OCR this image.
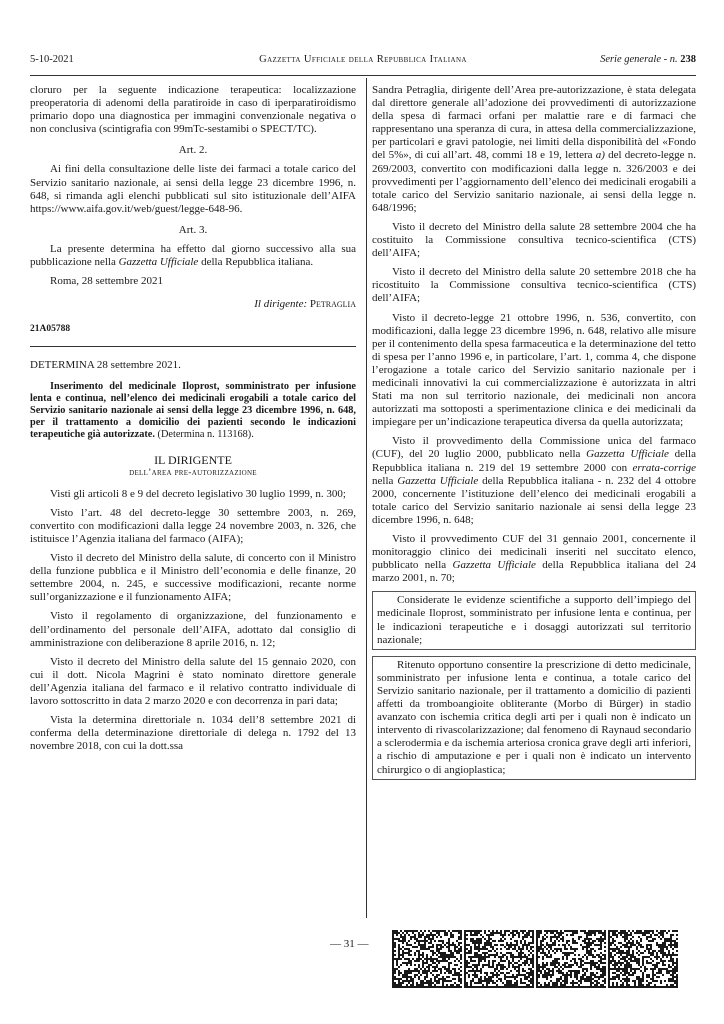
5-10-2021	Gazzetta Ufficiale della Repubblica Italiana	Serie generale - n. 238

cloruro per la seguente indicazione terapeutica: localizzazione preoperatoria di adenomi della paratiroide in caso di iperparatiroidismo primario dopo una diagnostica per immagini convenzionale negativa o non conclusiva (scintigrafia con 99mTc-sestamibi o SPECT/TC).

Art. 2.

Ai fini della consultazione delle liste dei farmaci a totale carico del Servizio sanitario nazionale, ai sensi della legge 23 dicembre 1996, n. 648, si rimanda agli elenchi pubblicati sul sito istituzionale dell’AIFA https://www.aifa.gov.it/web/guest/legge-648-96.

Art. 3.

La presente determina ha effetto dal giorno successivo alla sua pubblicazione nella Gazzetta Ufficiale della Repubblica italiana.

Roma, 28 settembre 2021

Il dirigente: Petraglia

21A05788

DETERMINA 28 settembre 2021.

Inserimento del medicinale Iloprost, somministrato per infusione lenta e continua, nell’elenco dei medicinali erogabili a totale carico del Servizio sanitario nazionale ai sensi della legge 23 dicembre 1996, n. 648, per il trattamento a domicilio dei pazienti secondo le indicazioni terapeutiche già autorizzate. (Determina n. 113168).

IL DIRIGENTE

dell’area pre-autorizzazione

Visti gli articoli 8 e 9 del decreto legislativo 30 luglio 1999, n. 300;

Visto l’art. 48 del decreto-legge 30 settembre 2003, n. 269, convertito con modificazioni dalla legge 24 novembre 2003, n. 326, che istituisce l’Agenzia italiana del farmaco (AIFA);

Visto il decreto del Ministro della salute, di concerto con il Ministro della funzione pubblica e il Ministro dell’economia e delle finanze, 20 settembre 2004, n. 245, e successive modificazioni, recante norme sull’organizzazione e il funzionamento AIFA;

Visto il regolamento di organizzazione, del funzionamento e dell’ordinamento del personale dell’AIFA, adottato dal consiglio di amministrazione con deliberazione 8 aprile 2016, n. 12;

Visto il decreto del Ministro della salute del 15 gennaio 2020, con cui il dott. Nicola Magrini è stato nominato direttore generale dell’Agenzia italiana del farmaco e il relativo contratto individuale di lavoro sottoscritto in data 2 marzo 2020 e con decorrenza in pari data;

Vista la determina direttoriale n. 1034 dell’8 settembre 2021 di conferma della determinazione direttoriale di delega n. 1792 del 13 novembre 2018, con cui la dott.ssa

Sandra Petraglia, dirigente dell’Area pre-autorizzazione, è stata delegata dal direttore generale all’adozione dei provvedimenti di autorizzazione della spesa di farmaci orfani per malattie rare e di farmaci che rappresentano una speranza di cura, in attesa della commercializzazione, per particolari e gravi patologie, nei limiti della disponibilità del «Fondo del 5%», di cui all’art. 48, commi 18 e 19, lettera a) del decreto-legge n. 269/2003, convertito con modificazioni dalla legge n. 326/2003 e dei provvedimenti per l’aggiornamento dell’elenco dei medicinali erogabili a totale carico del Servizio sanitario nazionale, ai sensi della legge n. 648/1996;

Visto il decreto del Ministro della salute 28 settembre 2004 che ha costituito la Commissione consultiva tecnico-scientifica (CTS) dell’AIFA;

Visto il decreto del Ministro della salute 20 settembre 2018 che ha ricostituito la Commissione consultiva tecnico-scientifica (CTS) dell’AIFA;

Visto il decreto-legge 21 ottobre 1996, n. 536, convertito, con modificazioni, dalla legge 23 dicembre 1996, n. 648, relativo alle misure per il contenimento della spesa farmaceutica e la determinazione del tetto di spesa per l’anno 1996 e, in particolare, l’art. 1, comma 4, che dispone l’erogazione a totale carico del Servizio sanitario nazionale per i medicinali innovativi la cui commercializzazione è autorizzata in altri Stati ma non sul territorio nazionale, dei medicinali non ancora autorizzati ma sottoposti a sperimentazione clinica e dei medicinali da impiegare per un’indicazione terapeutica diversa da quella autorizzata;

Visto il provvedimento della Commissione unica del farmaco (CUF), del 20 luglio 2000, pubblicato nella Gazzetta Ufficiale della Repubblica italiana n. 219 del 19 settembre 2000 con errata-corrige nella Gazzetta Ufficiale della Repubblica italiana - n. 232 del 4 ottobre 2000, concernente l’istituzione dell’elenco dei medicinali erogabili a totale carico del Servizio sanitario nazionale ai sensi della legge 23 dicembre 1996, n. 648;

Visto il provvedimento CUF del 31 gennaio 2001, concernente il monitoraggio clinico dei medicinali inseriti nel succitato elenco, pubblicato nella Gazzetta Ufficiale della Repubblica italiana del 24 marzo 2001, n. 70;

Considerate le evidenze scientifiche a supporto dell’impiego del medicinale Iloprost, somministrato per infusione lenta e continua, per le indicazioni terapeutiche e i dosaggi autorizzati sul territorio nazionale;

Ritenuto opportuno consentire la prescrizione di detto medicinale, somministrato per infusione lenta e continua, a totale carico del Servizio sanitario nazionale, per il trattamento a domicilio di pazienti affetti da tromboangioite obliterante (Morbo di Bürger) in stadio avanzato con ischemia critica degli arti per i quali non è indicato un intervento di rivascolarizzazione; dal fenomeno di Raynaud secondario a sclerodermia e da ischemia arteriosa cronica grave degli arti inferiori, a rischio di amputazione e per i quali non è indicato un intervento chirurgico o di angioplastica;

— 31 —
